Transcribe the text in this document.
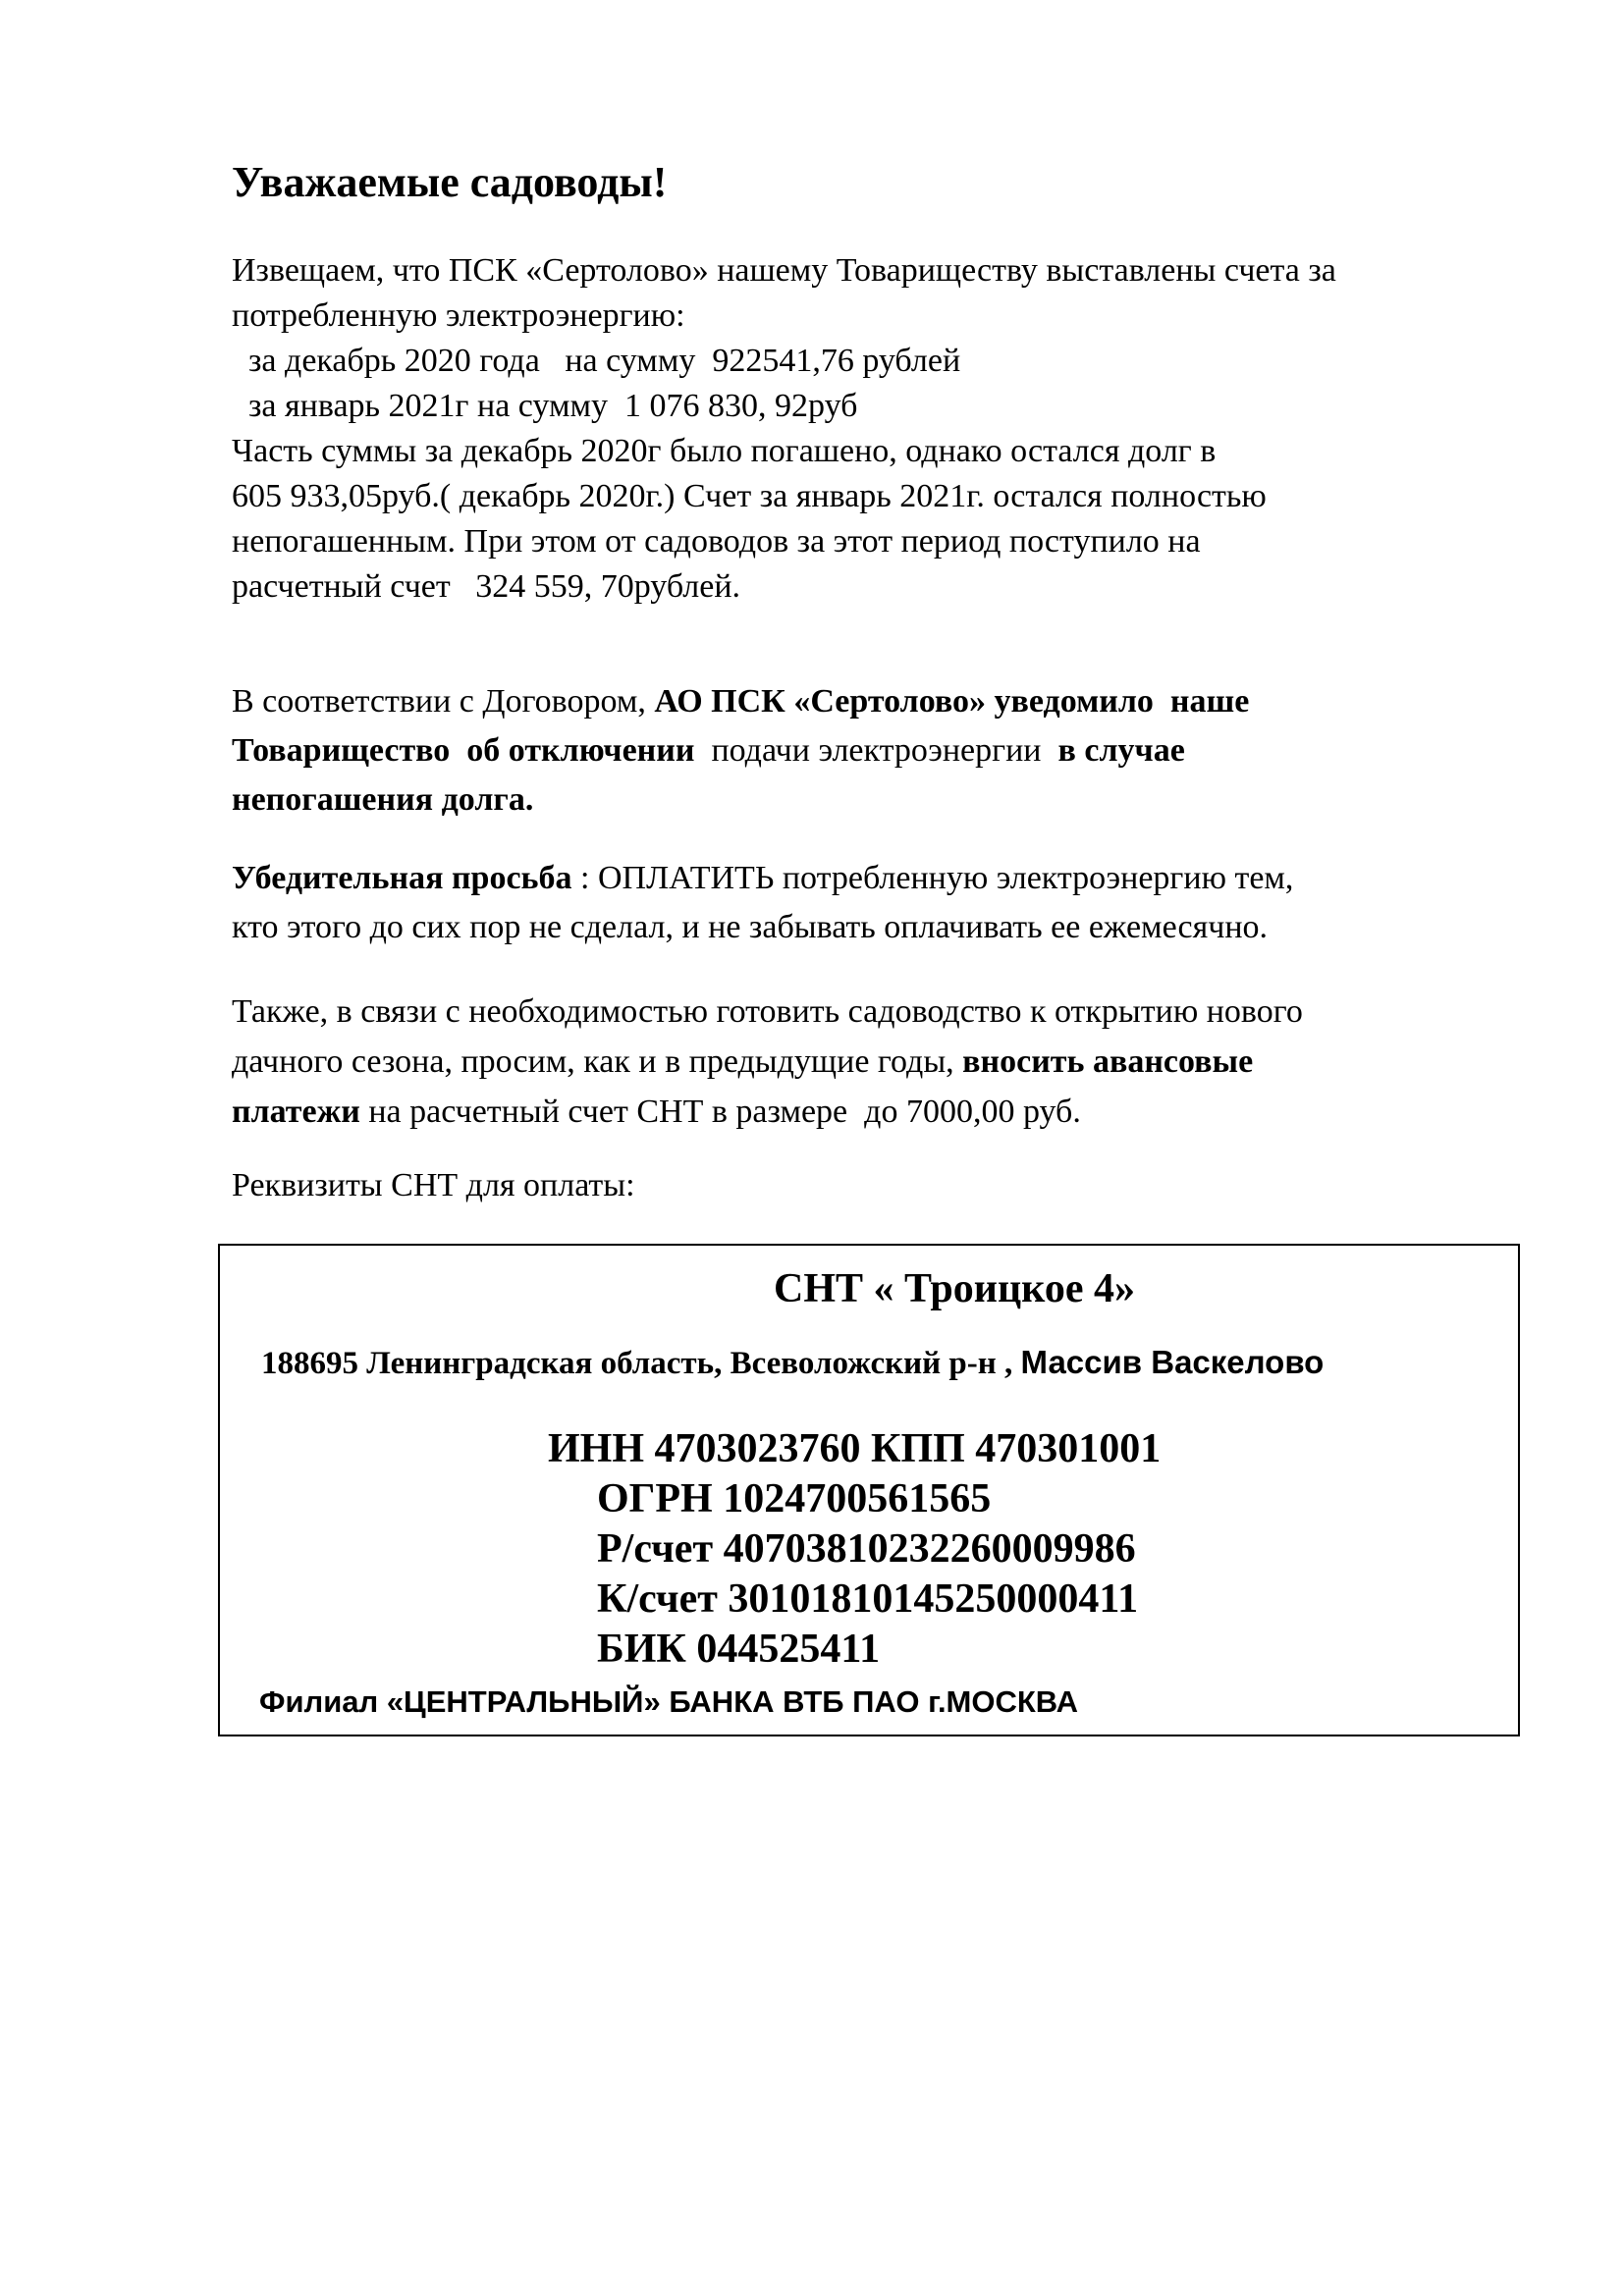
Уважаемые садоводы!
Извещаем, что ПСК «Сертолово» нашему Товариществу выставлены счета за
потребленную электроэнергию:
за декабрь 2020 года   на сумму  922541,76 рублей
за январь 2021г на сумму  1 076 830, 92руб
Часть суммы за декабрь 2020г было погашено, однако остался долг в
605 933,05руб.( декабрь 2020г.) Счет за январь 2021г. остался полностью
непогашенным. При этом от садоводов за этот период поступило на
расчетный счет   324 559, 70рублей.
В соответствии с Договором, АО ПСК «Сертолово» уведомило  наше
Товарищество  об отключении  подачи электроэнергии  в случае
непогашения долга.
Убедительная просьба : ОПЛАТИТЬ потребленную электроэнергию тем,
кто этого до сих пор не сделал, и не забывать оплачивать ее ежемесячно.
Также, в связи с необходимостью готовить садоводство к открытию нового
дачного сезона, просим, как и в предыдущие годы, вносить авансовые
платежи на расчетный счет СНТ в размере  до 7000,00 руб.
Реквизиты СНТ для оплаты:
СНТ « Троицкое 4»
188695 Ленинградская область, Всеволожский р-н , Массив Васкелово
ИНН 4703023760 КПП 470301001
ОГРН 1024700561565
Р/счет 40703810232260009986
К/счет 30101810145250000411
БИК 044525411
Филиал «ЦЕНТРАЛЬНЫЙ» БАНКА ВТБ ПАО г.МОСКВА
